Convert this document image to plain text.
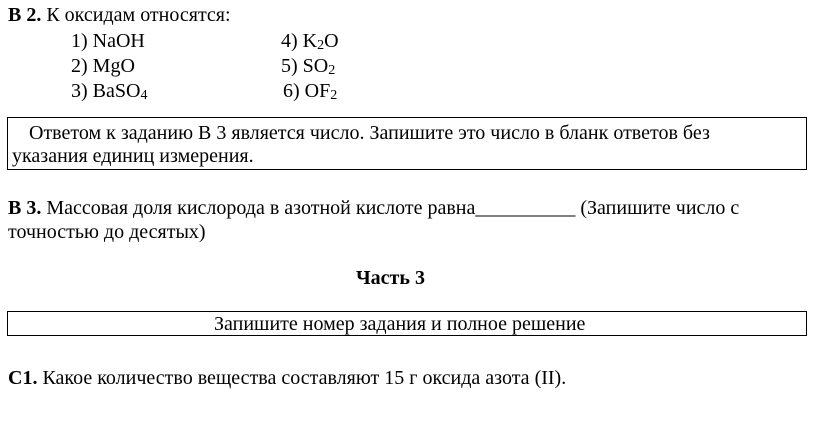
В 2. К оксидам относятся:
1) NaOH
2) MgO
3) BaSO$_4$
4) $K_2O$
5) $SO_2$
6) $OF_2$
Ответом к заданию В 3 является число. Запишите это число в бланк ответов без
указания единиц измерения.
В 3. Массовая доля кислорода в азотной кислоте равна__________ (Запишите число с
точностью до десятых)
Часть 3
Запишите номер задания и полное решение
С1. Какое количество вещества составляют 15 г оксида азота (II).
